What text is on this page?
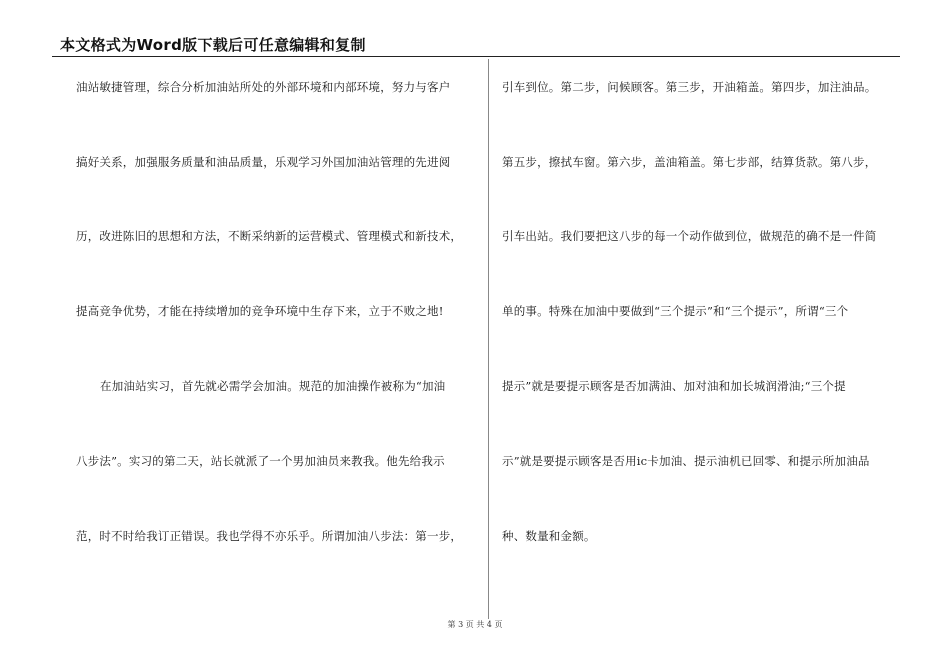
本文格式为Word版下载后可任意编辑和复制
油站敏捷管理，综合分析加油站所处的外部环境和内部环境，努力与客户
搞好关系，加强服务质量和油品质量，乐观学习外国加油站管理的先进阅
历，改进陈旧的思想和方法，不断采纳新的运营模式、管理模式和新技术，
提高竞争优势，才能在持续增加的竞争环境中生存下来，立于不败之地!
在加油站实习，首先就必需学会加油。规范的加油操作被称为“加油
八步法”。实习的第二天，站长就派了一个男加油员来教我。他先给我示
范，时不时给我订正错误。我也学得不亦乐乎。所谓加油八步法：第一步，
引车到位。第二步，问候顾客。第三步，开油箱盖。第四步，加注油品。
第五步，擦拭车窗。第六步，盖油箱盖。第七步部，结算货款。第八步，
引车出站。我们要把这八步的每一个动作做到位，做规范的确不是一件简
单的事。特殊在加油中要做到“三个提示”和“三个提示”，所谓“三个
提示”就是要提示顾客是否加满油、加对油和加长城润滑油;“三个提
示”就是要提示顾客是否用ic卡加油、提示油机已回零、和提示所加油品
种、数量和金额。
第 3 页 共 4 页
